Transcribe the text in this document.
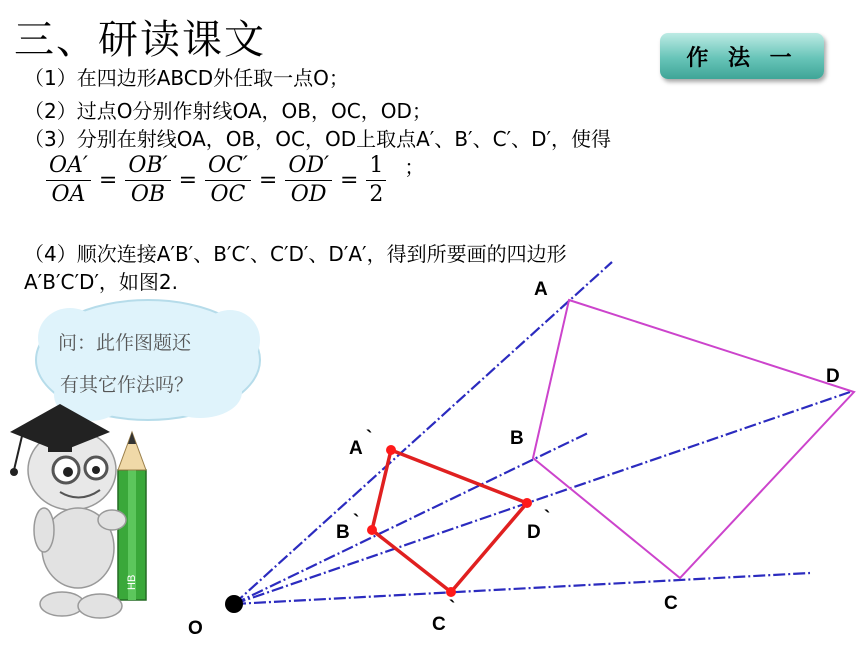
三、研读课文	作 法 一
（1）在四边形ABCD外任取一点O；
（2）过点O分别作射线OA，OB，OC，OD；
（3）分别在射线OA，OB，OC，OD上取点A′、B′、C′、D′，使得
$\frac{OA'}{OA} = \frac{OB'}{OB} = \frac{OC'}{OC} = \frac{OD'}{OD} = \frac{1}{2}$ ；
（4）顺次连接A′B′、B′C′、C′D′、D′A′，得到所要画的四边形
A′B′C′D′，如图2.
HB
O
A
B
C
D
A `
B `
C
`
D
`
问：此作图题还
有其它作法吗？
